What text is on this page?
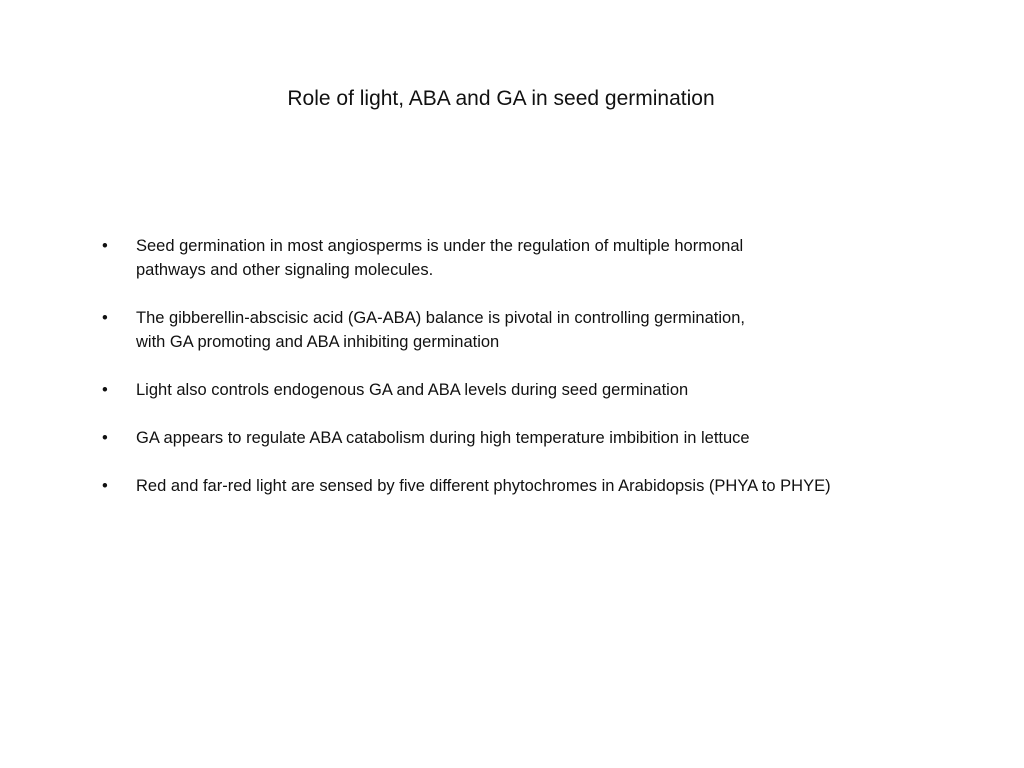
Role of light, ABA and GA in seed germination
•	Seed germination in most angiosperms is under the regulation of multiple hormonal
pathways and other signaling molecules.
•	The gibberellin-abscisic acid (GA-ABA) balance is pivotal in controlling germination,
with GA promoting and ABA inhibiting germination
•	Light also controls endogenous GA and ABA levels during seed germination
•	GA appears to regulate ABA catabolism during high temperature imbibition in lettuce
•	Red and far-red light are sensed by five different phytochromes in Arabidopsis (PHYA to PHYE)
